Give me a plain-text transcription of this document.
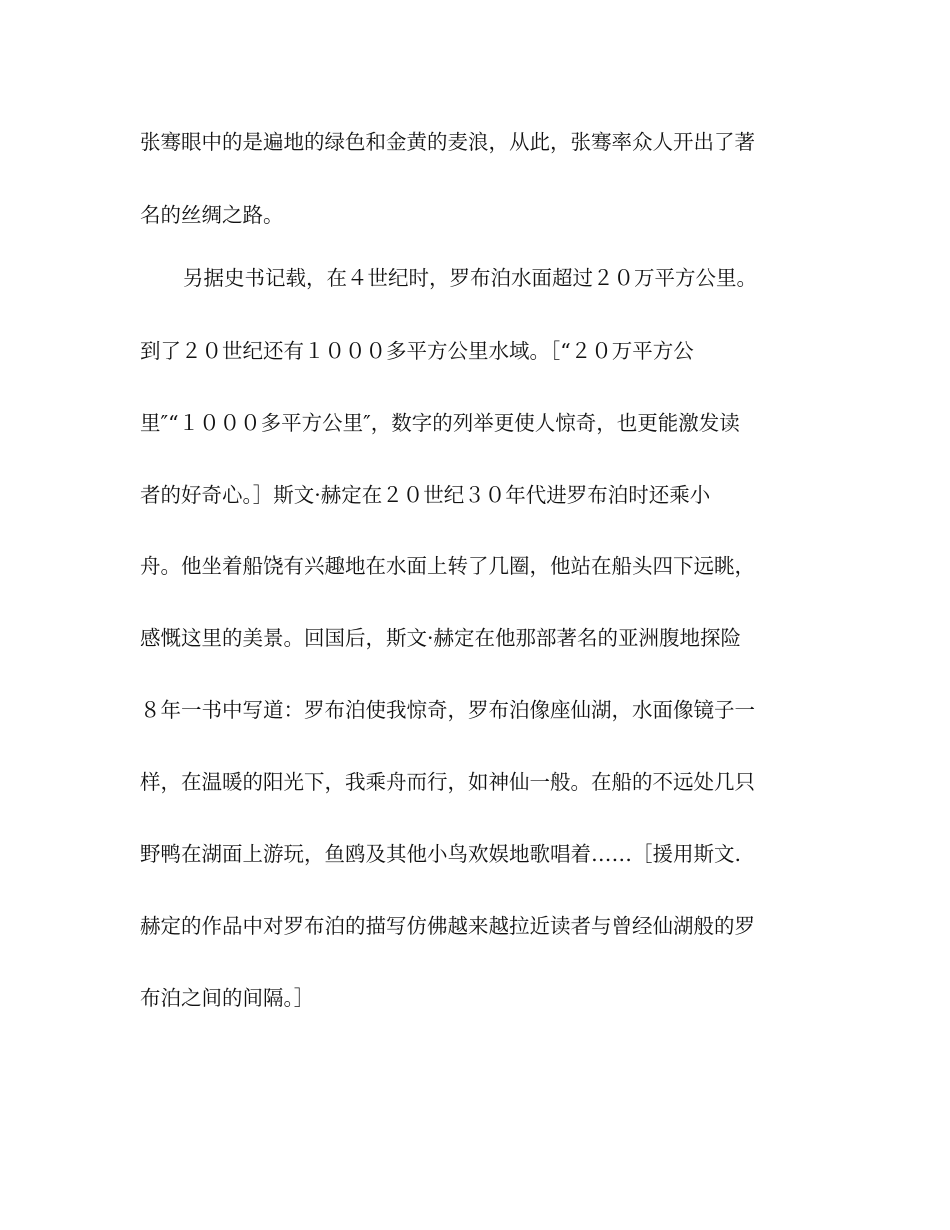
张骞眼中的是遍地的绿色和金黄的麦浪，从此，张骞率众人开出了著
名的丝绸之路。
另据史书记载，在４世纪时，罗布泊水面超过２０万平方公里。
到了２０世纪还有１０００多平方公里水域。［“２０万平方公
里″“１０００多平方公里″，数字的列举更使人惊奇，也更能激发读
者的好奇心。］斯文·赫定在２０世纪３０年代进罗布泊时还乘小
舟。他坐着船饶有兴趣地在水面上转了几圈，他站在船头四下远眺，
感慨这里的美景。回国后，斯文·赫定在他那部著名的亚洲腹地探险
８年一书中写道：罗布泊使我惊奇，罗布泊像座仙湖，水面像镜子一
样，在温暖的阳光下，我乘舟而行，如神仙一般。在船的不远处几只
野鸭在湖面上游玩，鱼鸥及其他小鸟欢娱地歌唱着……［援用斯文.
赫定的作品中对罗布泊的描写仿佛越来越拉近读者与曾经仙湖般的罗
布泊之间的间隔。］
